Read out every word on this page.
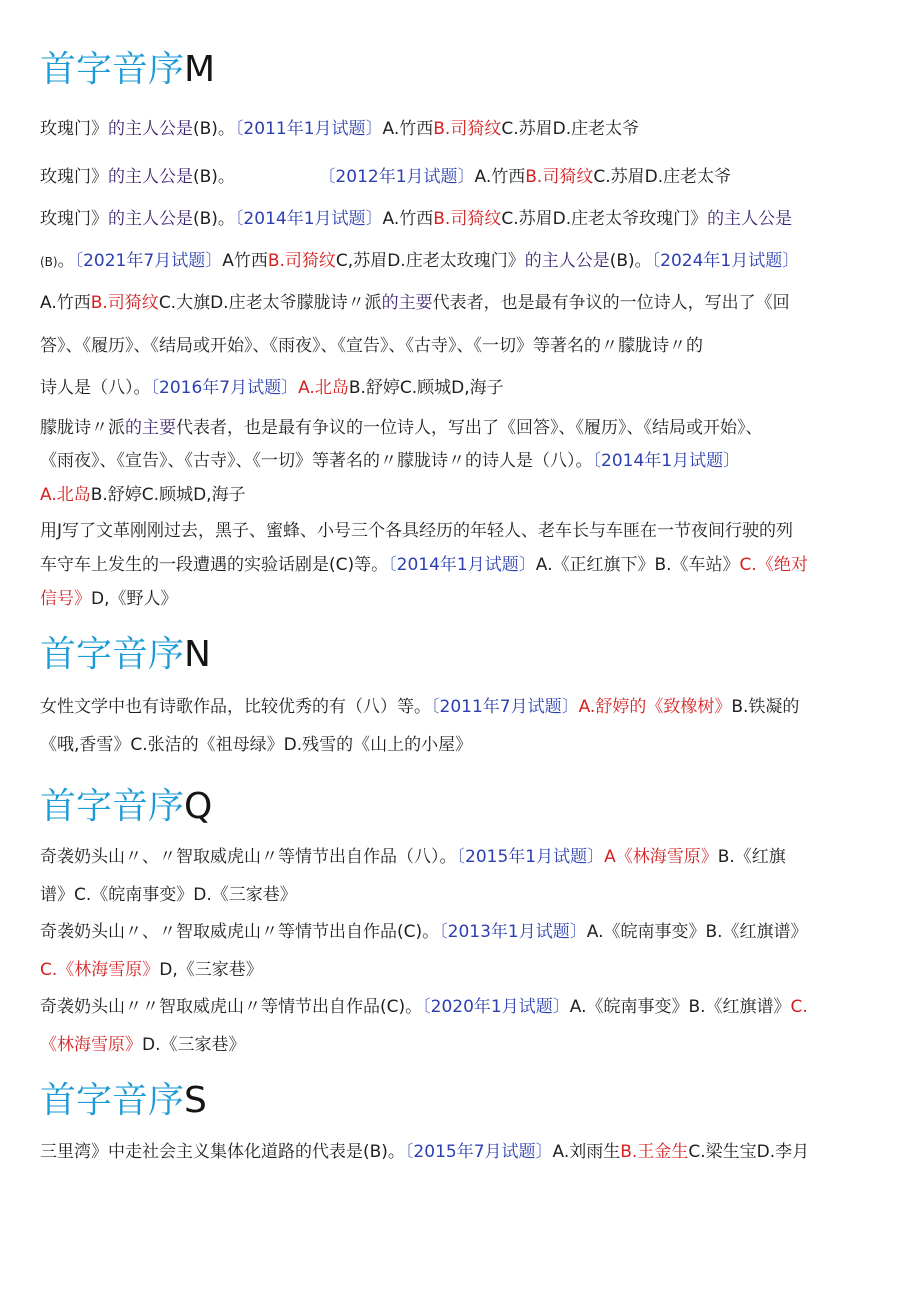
首字音序M

玫瑰门》的主人公是(B)。〔2011年1月试题〕A.竹西B.司猗纹C.苏眉D.庄老太爷

玫瑰门》的主人公是(B)。	〔2012年1月试题〕A.竹西B.司猗纹C.苏眉D.庄老太爷

玫瑰门》的主人公是(B)。〔2014年1月试题〕A.竹西B.司猗纹C.苏眉D.庄老太爷玫瑰门》的主人公是

(B)。〔2021年7月试题〕A竹西B.司猗纹C,苏眉D.庄老太玫瑰门》的主人公是(B)。〔2024年1月试题〕

A.竹西B.司猗纹C.大旗D.庄老太爷朦胧诗〃派的主要代表者，也是最有争议的一位诗人，写出了《回

答》、《履历》、《结局或开始》、《雨夜》、《宣告》、《古寺》、《一切》等著名的〃朦胧诗〃的

诗人是（八）。〔2016年7月试题〕A.北岛B.舒婷C.顾城D,海子

朦胧诗〃派的主要代表者，也是最有争议的一位诗人，写出了《回答》、《履历》、《结局或开始》、

《雨夜》、《宣告》、《古寺》、《一切》等著名的〃朦胧诗〃的诗人是（八）。〔2014年1月试题〕

A.北岛B.舒婷C.顾城D,海子

用J写了文革刚刚过去，黑子、蜜蜂、小号三个各具经历的年轻人、老车长与车匪在一节夜间行驶的列

车守车上发生的一段遭遇的实验话剧是(C)等。〔2014年1月试题〕A.《正红旗下》B.《车站》C.《绝对

信号》D,《野人》

首字音序N

女性文学中也有诗歌作品，比较优秀的有（八）等。〔2011年7月试题〕A.舒婷的《致橡树》B.铁凝的

《哦,香雪》C.张洁的《祖母绿》D.残雪的《山上的小屋》

首字音序Q

奇袭奶头山〃、〃智取威虎山〃等情节出自作品（八）。〔2015年1月试题〕A《林海雪原》B.《红旗

谱》C.《皖南事变》D.《三家巷》

奇袭奶头山〃、〃智取威虎山〃等情节出自作品(C)。〔2013年1月试题〕A.《皖南事变》B.《红旗谱》

C.《林海雪原》D,《三家巷》

奇袭奶头山〃〃智取威虎山〃等情节出自作品(C)。〔2020年1月试题〕A.《皖南事变》B.《红旗谱》C.

《林海雪原》D.《三家巷》

首字音序S

三里湾》中走社会主义集体化道路的代表是(B)。〔2015年7月试题〕A.刘雨生B.王金生C.梁生宝D.李月
